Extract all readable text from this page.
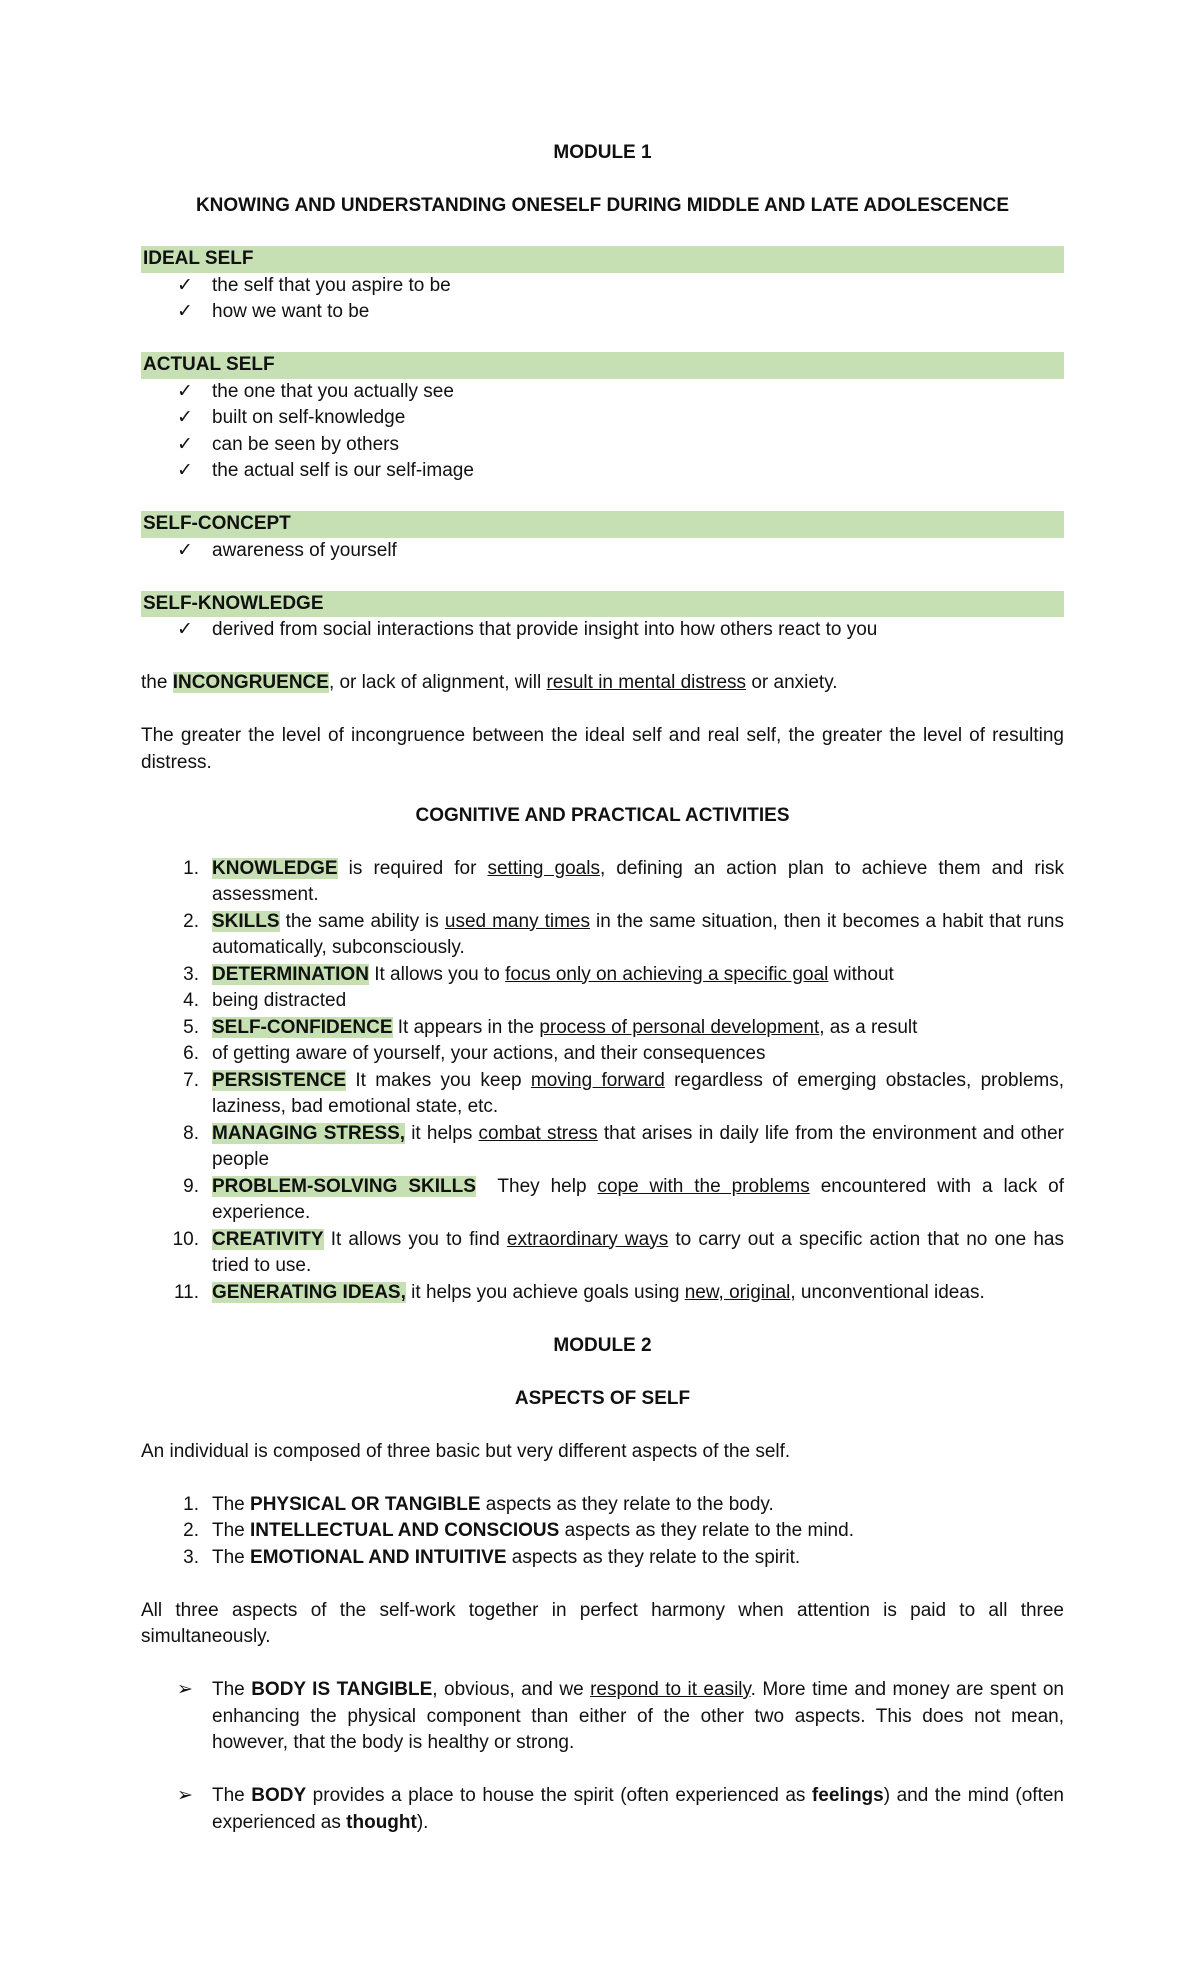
MODULE 1
KNOWING AND UNDERSTANDING ONESELF DURING MIDDLE AND LATE ADOLESCENCE
IDEAL SELF
✓ the self that you aspire to be
✓ how we want to be
ACTUAL SELF
✓ the one that you actually see
✓ built on self-knowledge
✓ can be seen by others
✓ the actual self is our self-image
SELF-CONCEPT
✓ awareness of yourself
SELF-KNOWLEDGE
✓ derived from social interactions that provide insight into how others react to you
the INCONGRUENCE, or lack of alignment, will result in mental distress or anxiety.
The greater the level of incongruence between the ideal self and real self, the greater the level of resulting distress.
COGNITIVE AND PRACTICAL ACTIVITIES
1. KNOWLEDGE is required for setting goals, defining an action plan to achieve them and risk assessment.
2. SKILLS the same ability is used many times in the same situation, then it becomes a habit that runs automatically, subconsciously.
3. DETERMINATION It allows you to focus only on achieving a specific goal without
4. being distracted
5. SELF-CONFIDENCE It appears in the process of personal development, as a result
6. of getting aware of yourself, your actions, and their consequences
7. PERSISTENCE It makes you keep moving forward regardless of emerging obstacles, problems, laziness, bad emotional state, etc.
8. MANAGING STRESS, it helps combat stress that arises in daily life from the environment and other people
9. PROBLEM-SOLVING SKILLS  They help cope with the problems encountered with a lack of experience.
10. CREATIVITY It allows you to find extraordinary ways to carry out a specific action that no one has tried to use.
11. GENERATING IDEAS, it helps you achieve goals using new, original, unconventional ideas.
MODULE 2
ASPECTS OF SELF
An individual is composed of three basic but very different aspects of the self.
1. The PHYSICAL OR TANGIBLE aspects as they relate to the body.
2. The INTELLECTUAL AND CONSCIOUS aspects as they relate to the mind.
3. The EMOTIONAL AND INTUITIVE aspects as they relate to the spirit.
All three aspects of the self-work together in perfect harmony when attention is paid to all three simultaneously.
➢ The BODY IS TANGIBLE, obvious, and we respond to it easily. More time and money are spent on enhancing the physical component than either of the other two aspects. This does not mean, however, that the body is healthy or strong.
➢ The BODY provides a place to house the spirit (often experienced as feelings) and the mind (often experienced as thought).
